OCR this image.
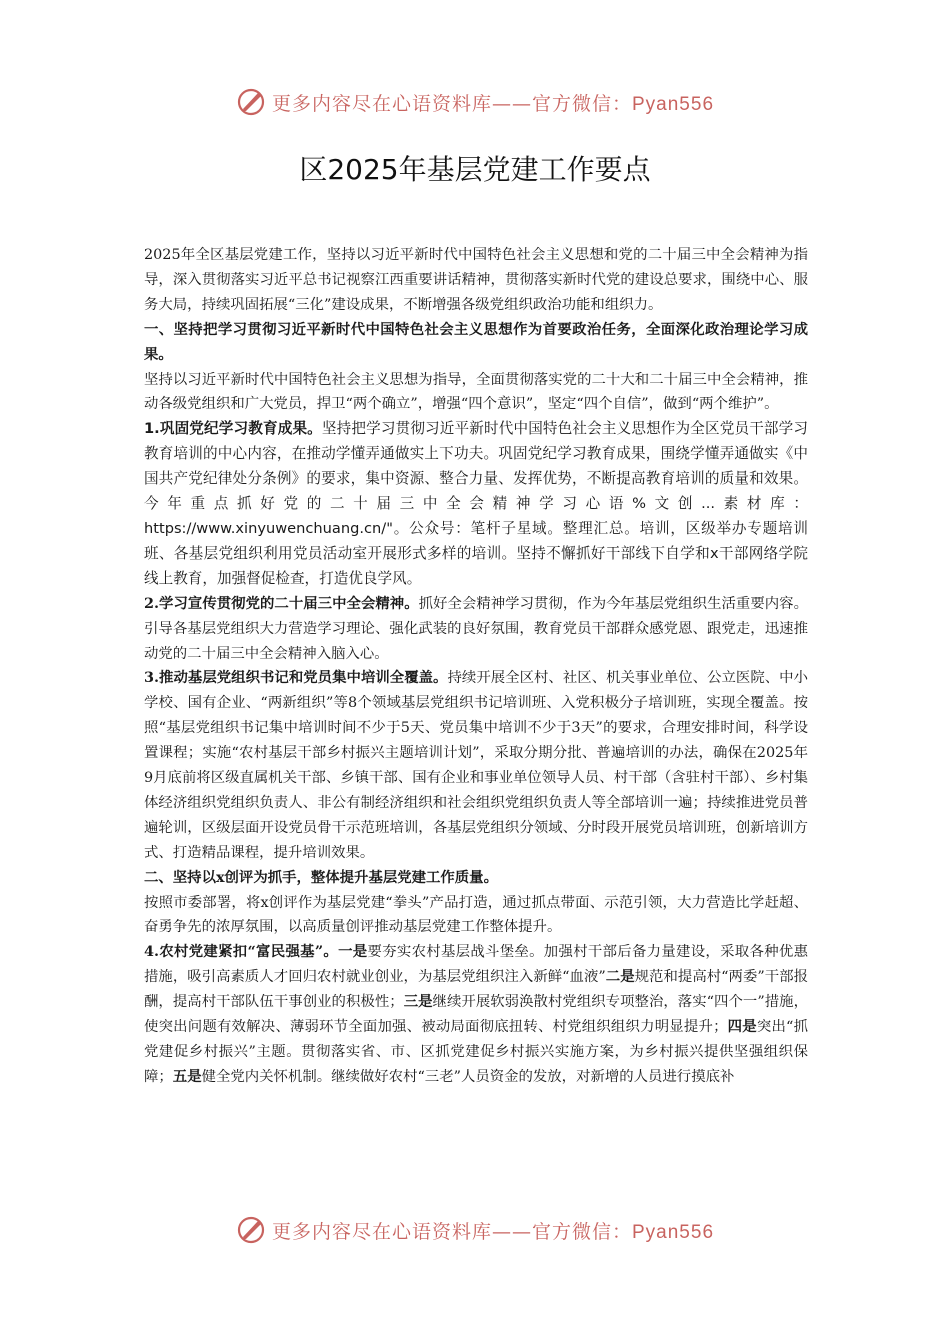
更多内容尽在心语资料库——官方微信：Pyan556
区2025年基层党建工作要点

2025年全区基层党建工作，坚持以习近平新时代中国特色社会主义思想和党的二十届三中全会精神为指导，深入贯彻落实习近平总书记视察江西重要讲话精神，贯彻落实新时代党的建设总要求，围绕中心、服务大局，持续巩固拓展“三化”建设成果，不断增强各级党组织政治功能和组织力。

一、坚持把学习贯彻习近平新时代中国特色社会主义思想作为首要政治任务，全面深化政治理论学习成果。

坚持以习近平新时代中国特色社会主义思想为指导，全面贯彻落实党的二十大和二十届三中全会精神，推动各级党组织和广大党员，捍卫“两个确立”，增强“四个意识”，坚定“四个自信”，做到“两个维护”。

1.巩固党纪学习教育成果。坚持把学习贯彻习近平新时代中国特色社会主义思想作为全区党员干部学习教育培训的中心内容，在推动学懂弄通做实上下功夫。巩固党纪学习教育成果，围绕学懂弄通做实《中国共产党纪律处分条例》的要求，集中资源、整合力量、发挥优势，不断提高教育培训的质量和效果。今年重点抓好党的二十届三中全会精神学习心语%文创...素材库：https://www.xinyuwenchuang.cn/"。公众号：笔杆子星域。整理汇总。培训，区级举办专题培训班、各基层党组织利用党员活动室开展形式多样的培训。坚持不懈抓好干部线下自学和x干部网络学院线上教育，加强督促检查，打造优良学风。

2.学习宣传贯彻党的二十届三中全会精神。抓好全会精神学习贯彻，作为今年基层党组织生活重要内容。引导各基层党组织大力营造学习理论、强化武装的良好氛围，教育党员干部群众感党恩、跟党走，迅速推动党的二十届三中全会精神入脑入心。

3.推动基层党组织书记和党员集中培训全覆盖。持续开展全区村、社区、机关事业单位、公立医院、中小学校、国有企业、“两新组织”等8个领域基层党组织书记培训班、入党积极分子培训班，实现全覆盖。按照“基层党组织书记集中培训时间不少于5天、党员集中培训不少于3天”的要求，合理安排时间，科学设置课程；实施“农村基层干部乡村振兴主题培训计划”，采取分期分批、普遍培训的办法，确保在2025年9月底前将区级直属机关干部、乡镇干部、国有企业和事业单位领导人员、村干部（含驻村干部）、乡村集体经济组织党组织负责人、非公有制经济组织和社会组织党组织负责人等全部培训一遍；持续推进党员普遍轮训，区级层面开设党员骨干示范班培训，各基层党组织分领域、分时段开展党员培训班，创新培训方式、打造精品课程，提升培训效果。

二、坚持以x创评为抓手，整体提升基层党建工作质量。

按照市委部署，将x创评作为基层党建“拳头”产品打造，通过抓点带面、示范引领，大力营造比学赶超、奋勇争先的浓厚氛围，以高质量创评推动基层党建工作整体提升。

4.农村党建紧扣“富民强基”。一是要夯实农村基层战斗堡垒。加强村干部后备力量建设，采取各种优惠措施，吸引高素质人才回归农村就业创业，为基层党组织注入新鲜“血液”二是规范和提高村“两委”干部报酬，提高村干部队伍干事创业的积极性；三是继续开展软弱涣散村党组织专项整治，落实“四个一”措施，使突出问题有效解决、薄弱环节全面加强、被动局面彻底扭转、村党组织组织力明显提升；四是突出“抓党建促乡村振兴”主题。贯彻落实省、市、区抓党建促乡村振兴实施方案，为乡村振兴提供坚强组织保障；五是健全党内关怀机制。继续做好农村“三老”人员资金的发放，对新增的人员进行摸底补

更多内容尽在心语资料库——官方微信：Pyan556
